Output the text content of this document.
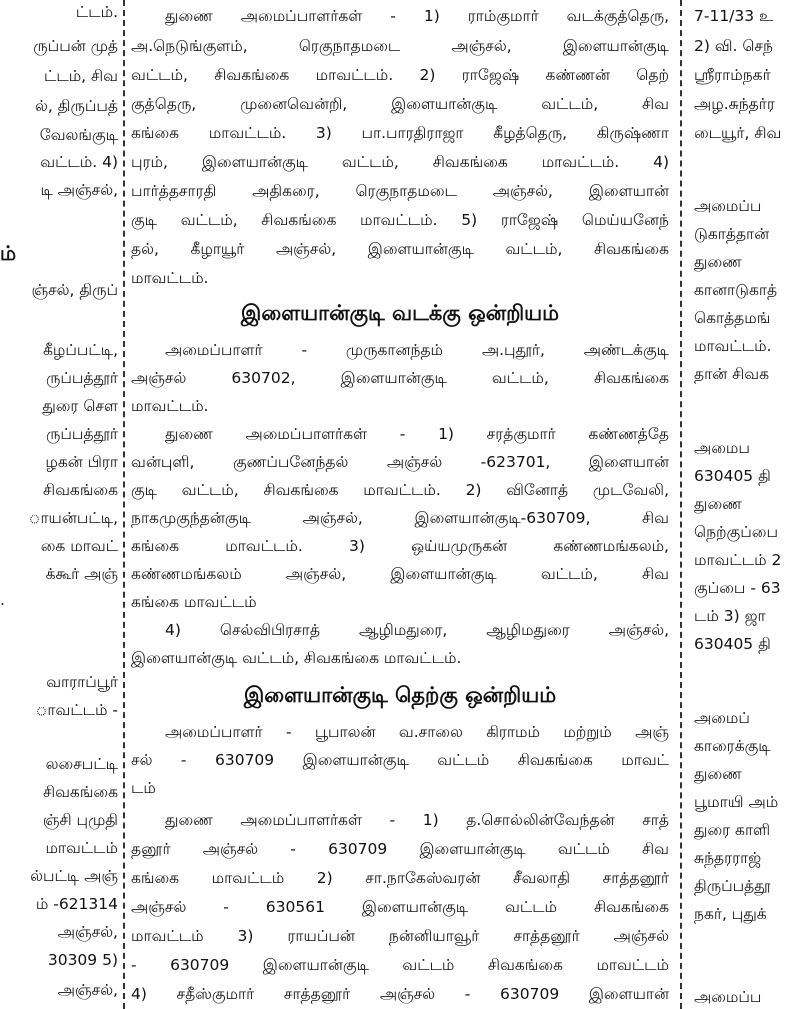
ட்டம்.
ருப்பன் முத்
ட்டம், சிவ
ல், திருப்பத்
வேலங்குடி
வட்டம். 4)
டி அஞ்சல்,
ம்
ஞ்சல், திருப்
கீழப்பட்டி,
ருப்பத்தூர்
துரை செள
ருப்பத்தூர்
ழகன் பிரா
சிவகங்கை
ாயன்பட்டி,
கை மாவட்
க்கூர் அஞ்
.
வாராப்பூர்
ாவட்டம் -
லசைபட்டி
சிவகங்கை
ஞ்சி புமுதி
மாவட்டம்
ல்பட்டி அஞ்
ம் -621314
அஞ்சல்,
30309 5)
அஞ்சல்,
துணை அமைப்பாளர்கள் - 1) ராம்குமார் வடக்குத்தெரு,
அ.நெடுங்குளம், ரெகுநாதமடை அஞ்சல், இளையான்குடி
வட்டம், சிவகங்கை மாவட்டம். 2) ராஜேஷ் கண்ணன் தெற்
குத்தெரு, முனைவென்றி, இளையான்குடி வட்டம், சிவ
கங்கை மாவட்டம். 3) பா.பாரதிராஜா கீழத்தெரு, கிருஷ்ணா
புரம், இளையான்குடி வட்டம், சிவகங்கை மாவட்டம். 4)
பார்த்தசாரதி அதிகரை, ரெகுநாதமடை அஞ்சல், இளையான்
குடி வட்டம், சிவகங்கை மாவட்டம். 5) ராஜேஷ் மெய்யனேந்
தல், கீழாயூர் அஞ்சல், இளையான்குடி வட்டம், சிவகங்கை
மாவட்டம்.
இளையான்குடி வடக்கு ஒன்றியம்
அமைப்பாளர் - முருகானந்தம் அ.புதூர், அண்டக்குடி
அஞ்சல் 630702, இளையான்குடி வட்டம், சிவகங்கை
மாவட்டம்.
துணை அமைப்பாளர்கள் - 1) சரத்குமார் கண்ணத்தே
வன்புளி, குணப்பனேந்தல் அஞ்சல் -623701, இளையான்
குடி வட்டம், சிவகங்கை மாவட்டம். 2) வினோத் முடவேலி,
நாகமுகுந்தன்குடி அஞ்சல், இளையான்குடி-630709, சிவ
கங்கை மாவட்டம். 3) ஒய்யமுருகன் கண்ணமங்கலம்,
கண்ணமங்கலம் அஞ்சல், இளையான்குடி வட்டம், சிவ
கங்கை மாவட்டம்
4) செல்விபிரசாத் ஆழிமதுரை, ஆழிமதுரை அஞ்சல்,
இளையான்குடி வட்டம், சிவகங்கை மாவட்டம்.
இளையான்குடி தெற்கு ஒன்றியம்
அமைப்பாளர் - பூபாலன் வ.சாலை கிராமம் மற்றும் அஞ்
சல் - 630709 இளையான்குடி வட்டம் சிவகங்கை மாவட்
டம்
துணை அமைப்பாளர்கள் - 1) த.சொல்லின்வேந்தன் சாத்
தனூர் அஞ்சல் - 630709 இளையான்குடி வட்டம் சிவ
கங்கை மாவட்டம் 2) சா.நாகேஸ்வரன் சீவலாதி சாத்தனூர்
அஞ்சல் - 630561 இளையான்குடி வட்டம் சிவகங்கை
மாவட்டம் 3) ராயப்பன் நன்னியாவூர் சாத்தனூர் அஞ்சல்
- 630709 இளையான்குடி வட்டம் சிவகங்கை மாவட்டம்
4) சதீஸ்குமார் சாத்தனூர் அஞ்சல் - 630709 இளையான்
7-11/33 உ
2) வி. செந்
ஸ்ரீராம்நகர்
அழ.சுந்தர்ர
டையூர், சிவ
அமைப்ப
டுகாத்தான்
துணை
கானாடுகாத்
கொத்தமங்
மாவட்டம்.
தான் சிவக
அமைப
630405 தி
துணை
நெற்குப்பை
மாவட்டம் 2
குப்பை - 63
டம் 3) ஜா
630405 தி
அமைப்
காரைக்குடி
துணை
பூமாயி அம்
துரை காளி
சுந்தரராஜ்
திருப்பத்தூ
நகர், புதுக்
அமைப்ப
